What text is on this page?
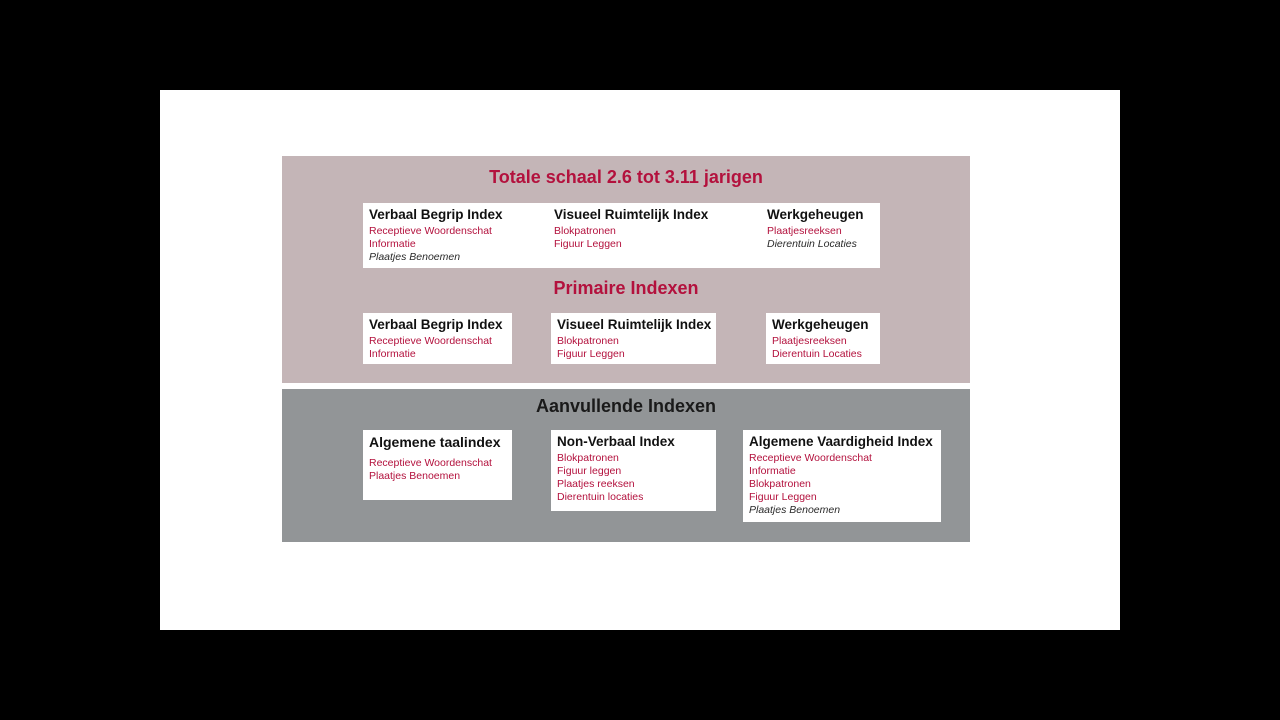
Totale schaal 2.6 tot 3.11 jarigen
Verbaal Begrip Index
Receptieve Woordenschat
Informatie
Plaatjes Benoemen
Visueel Ruimtelijk Index
Blokpatronen
Figuur Leggen
Werkgeheugen
Plaatjesreeksen
Dierentuin Locaties
Primaire Indexen
Verbaal Begrip Index
Receptieve Woordenschat
Informatie
Visueel Ruimtelijk Index
Blokpatronen
Figuur Leggen
Werkgeheugen
Plaatjesreeksen
Dierentuin Locaties
Aanvullende Indexen
Algemene taalindex
Receptieve Woordenschat
Plaatjes Benoemen
Non-Verbaal Index
Blokpatronen
Figuur leggen
Plaatjes reeksen
Dierentuin locaties
Algemene Vaardigheid Index
Receptieve Woordenschat
Informatie
Blokpatronen
Figuur Leggen
Plaatjes Benoemen
